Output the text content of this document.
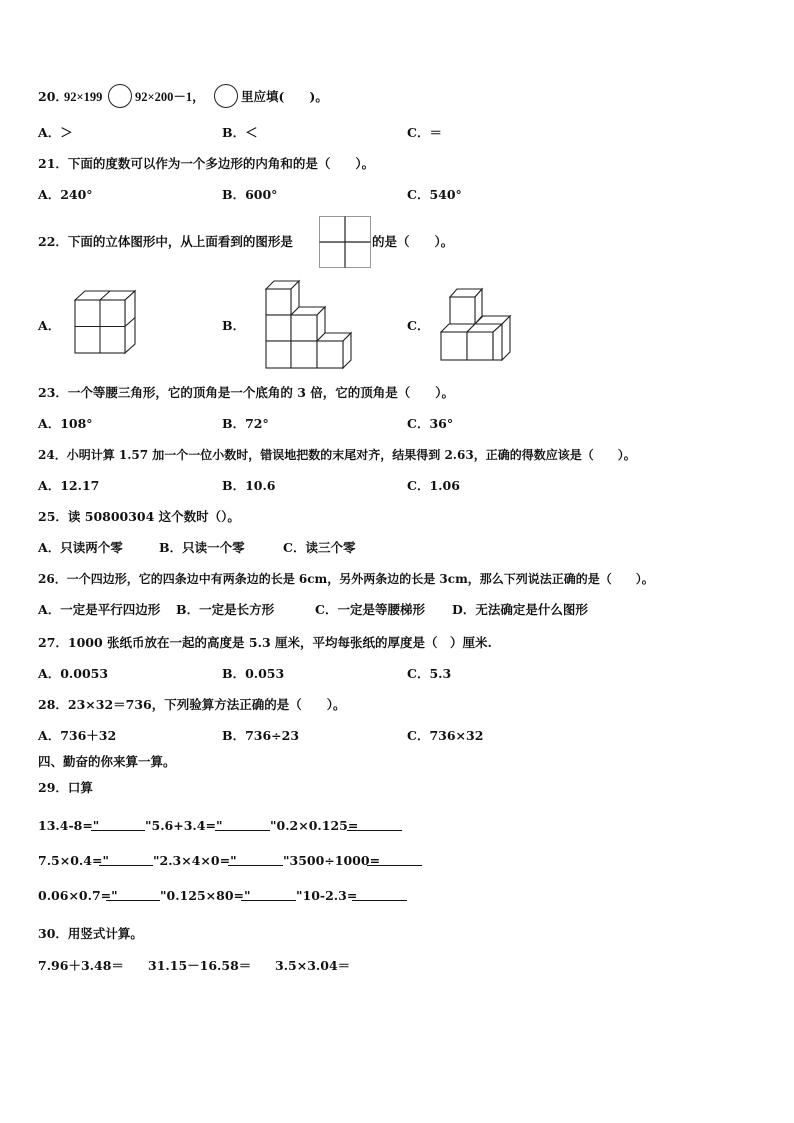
20．
92×199	92×200－1，	里应填(　　)。
A．＞	B．＜	C．＝
21．下面的度数可以作为一个多边形的内角和的是（　　）。
A．240°	B．600°	C．540°
22．下面的立体图形中，从上面看到的图形是	的是（　　）。
A．	B．	C．
23．一个等腰三角形，它的顶角是一个底角的 3 倍，它的顶角是（　　）。
A．108°	B．72°	C．36°
24．小明计算 1.57 加一个一位小数时，错误地把数的末尾对齐，结果得到 2.63，正确的得数应该是（　　）。
A．12.17	B．10.6	C．1.06
25．读 50800304 这个数时（）。
A．只读两个零	B．只读一个零	C．读三个零
26．一个四边形，它的四条边中有两条边的长是 6cm，另外两条边的长是 3cm，那么下列说法正确的是（　　）。
A．一定是平行四边形 B．一定是长方形	C．一定是等腰梯形 D．无法确定是什么图形
27．1000 张纸币放在一起的高度是 5.3 厘米，平均每张纸的厚度是（　）厘米.
A．0.0053	B．0.053	C．5.3
28．23×32＝736，下列验算方法正确的是（　　）。
A．736＋32	B．736÷23	C．736×32
四、勤奋的你来算一算。
29．口算
13.4-8="	"5.6+3.4="	"0.2×0.125=
7.5×0.4="	"2.3×4×0="	"3500÷1000=
0.06×0.7="	"0.125×80="	"10-2.3=
30．用竖式计算。
7.96＋3.48＝ 31.15－16.58＝ 3.5×3.04＝
